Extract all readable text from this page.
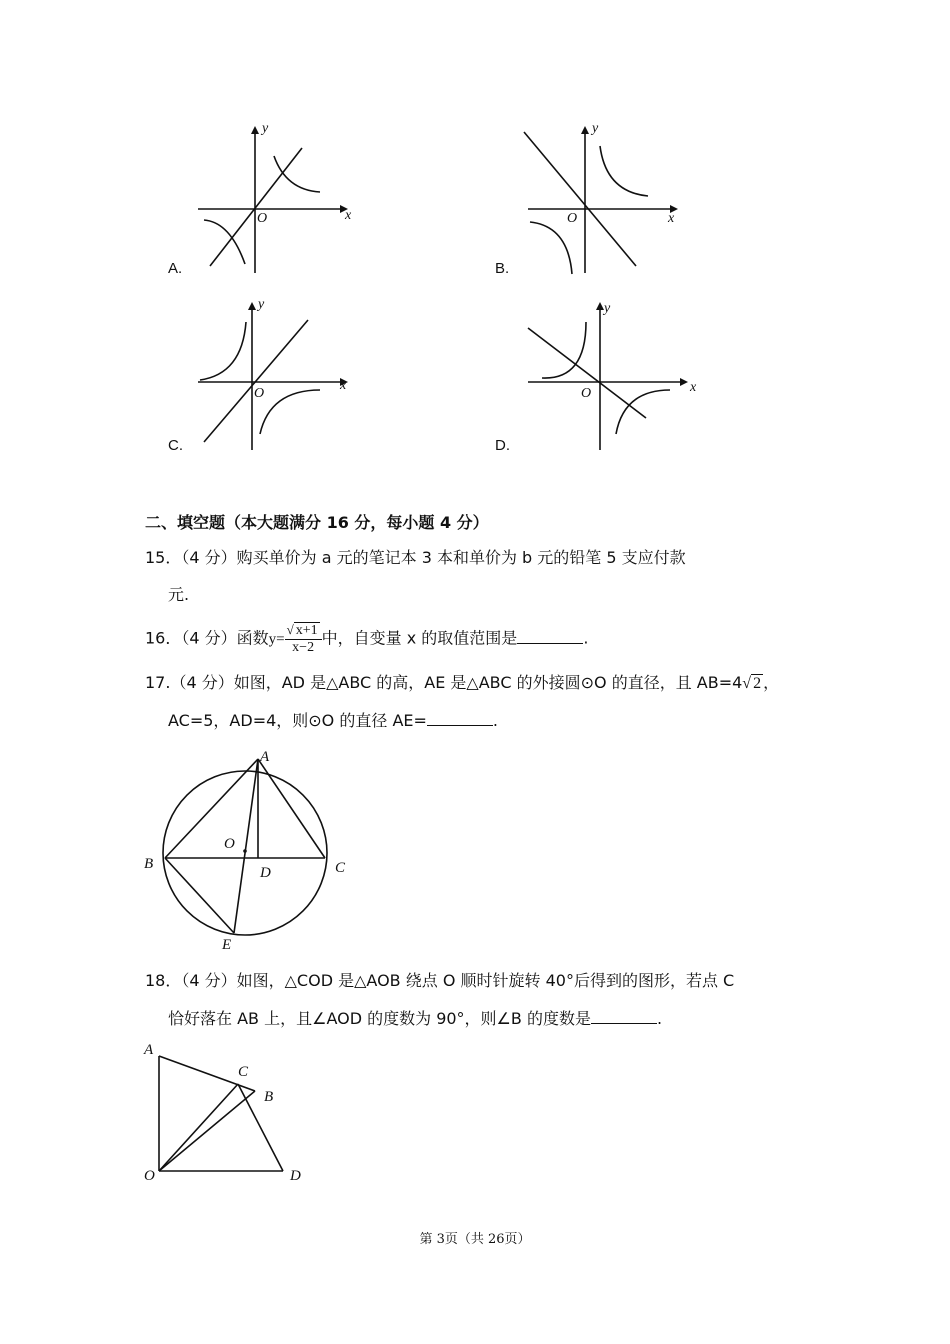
y
x
O
A.
y
x
O
B.
y
x
O
C.
y
x
O
D.
二、填空题（本大题满分 16 分，每小题 4 分）
15．（4 分）购买单价为 a 元的笔记本 3 本和单价为 b 元的铅笔 5 支应付款
元.
16．（4 分）函数$y= \frac{√ x+1}{x-2}$ 中，自变量 x 的取值范围是	.
17.（4 分）如图，AD 是△ABC 的高，AE 是△ABC 的外接圆⊙O 的直径，且 AB=4√ 2 ，
AC=5，AD=4，则⊙O 的直径 AE=	.
A
B	C
D
E
O
18．（4 分）如图，△COD 是△AOB 绕点 O 顺时针旋转 40°后得到的图形，若点 C
恰好落在 AB 上，且∠AOD 的度数为 90°，则∠B 的度数是	.
A
C
B
O	D
第 3页（共 26页）
